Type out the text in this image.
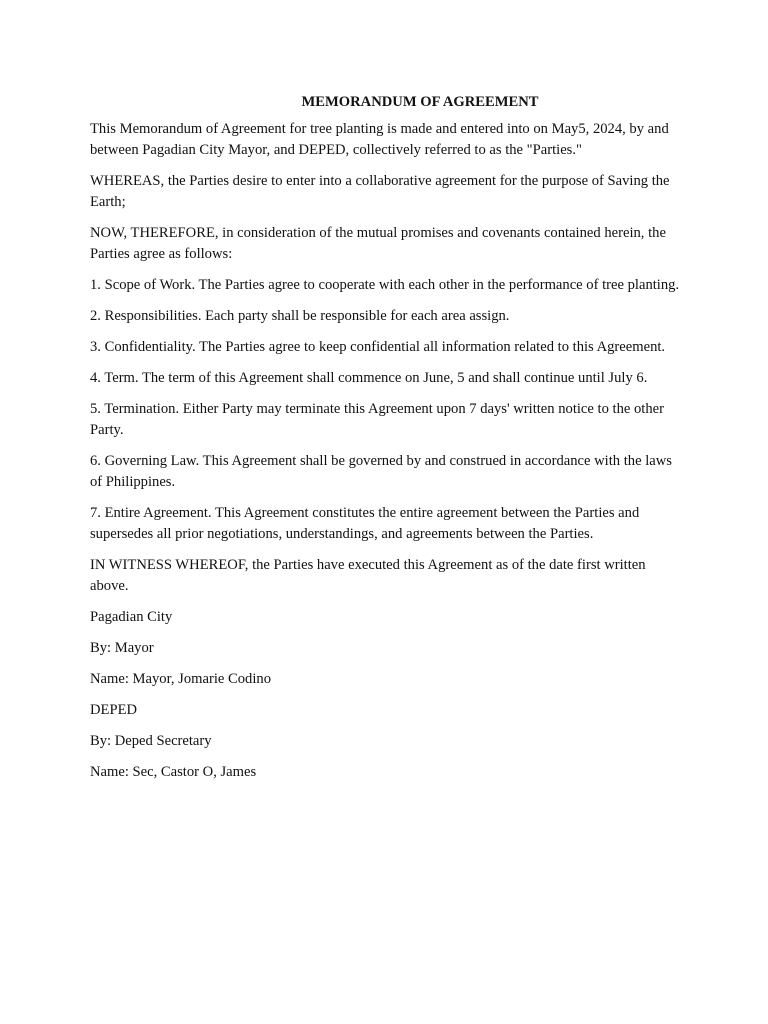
MEMORANDUM OF AGREEMENT

This Memorandum of Agreement for tree planting is made and entered into on May5, 2024, by and between Pagadian City Mayor, and DEPED, collectively referred to as the "Parties."

WHEREAS, the Parties desire to enter into a collaborative agreement for the purpose of Saving the Earth;

NOW, THEREFORE, in consideration of the mutual promises and covenants contained herein, the Parties agree as follows:

1. Scope of Work. The Parties agree to cooperate with each other in the performance of tree planting.

2. Responsibilities. Each party shall be responsible for each area assign.

3. Confidentiality. The Parties agree to keep confidential all information related to this Agreement.

4. Term. The term of this Agreement shall commence on June, 5 and shall continue until July 6.

5. Termination. Either Party may terminate this Agreement upon 7 days' written notice to the other Party.

6. Governing Law. This Agreement shall be governed by and construed in accordance with the laws of Philippines.

7. Entire Agreement. This Agreement constitutes the entire agreement between the Parties and supersedes all prior negotiations, understandings, and agreements between the Parties.

IN WITNESS WHEREOF, the Parties have executed this Agreement as of the date first written above.

Pagadian City

By: Mayor

Name: Mayor, Jomarie Codino

DEPED

By: Deped Secretary

Name: Sec, Castor O, James
